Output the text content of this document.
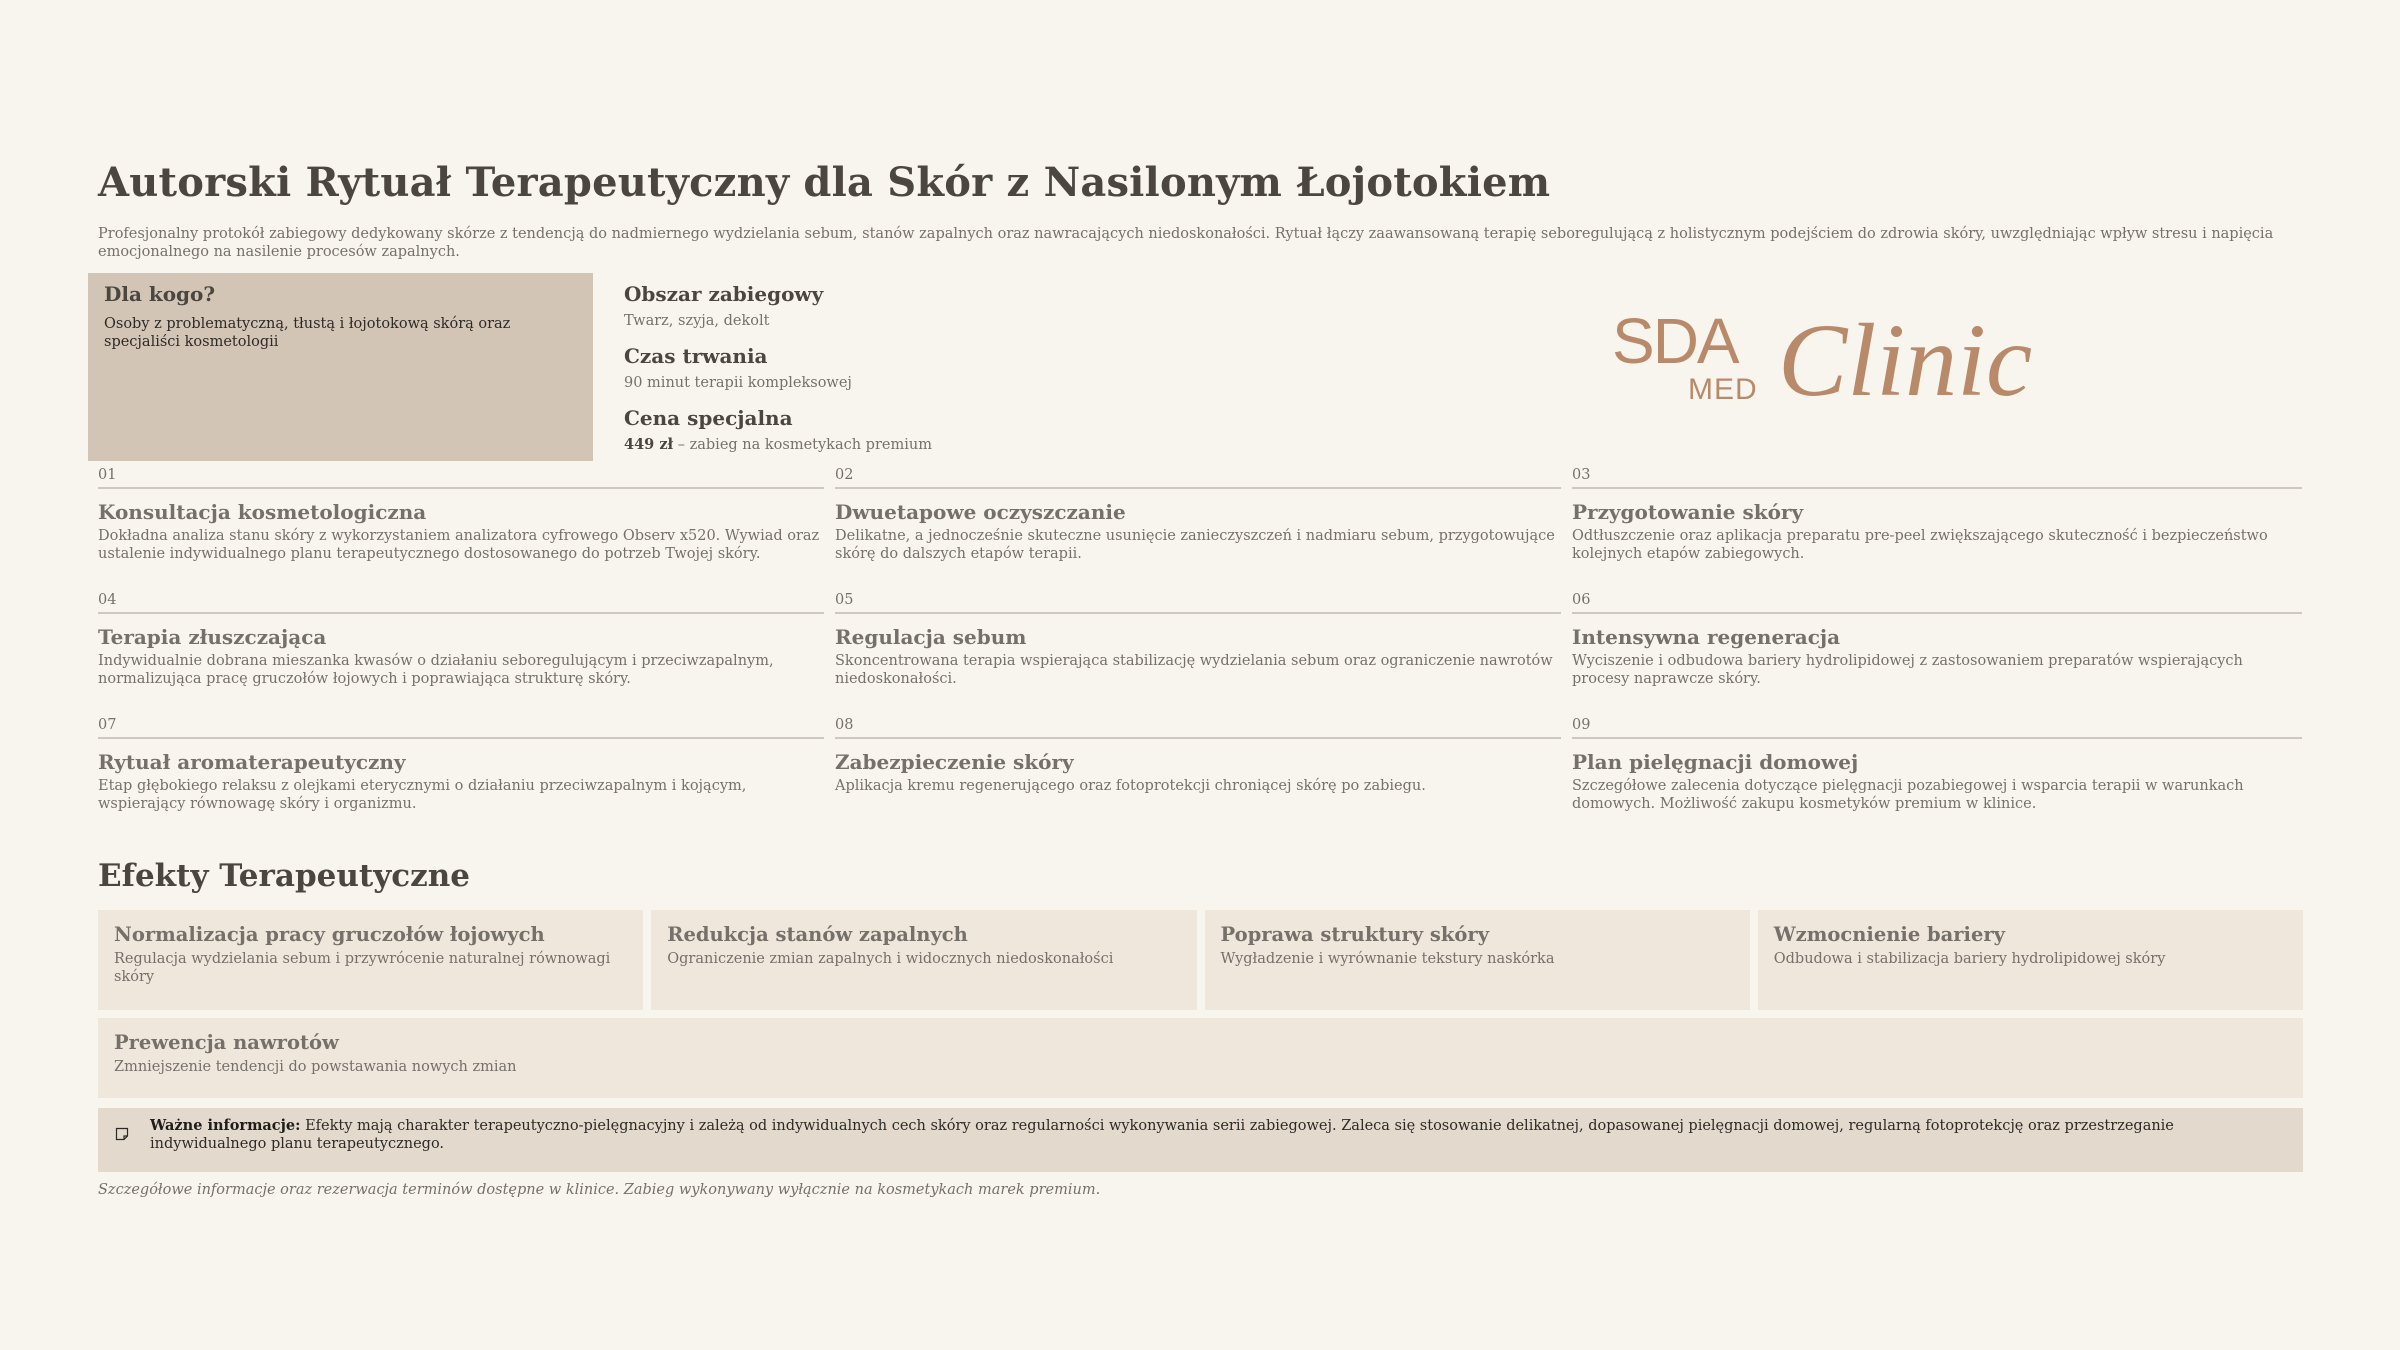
Autorski Rytuał Terapeutyczny dla Skór z Nasilonym Łojotokiem

Profesjonalny protokół zabiegowy dedykowany skórze z tendencją do nadmiernego wydzielania sebum, stanów zapalnych oraz nawracających niedoskonałości. Rytuał łączy zaawansowaną terapię seboregulującą z holistycznym podejściem do zdrowia skóry, uwzględniając wpływ stresu i napięcia emocjonalnego na nasilenie procesów zapalnych.

Dla kogo?

Osoby z problematyczną, tłustą i łojotokową skórą oraz specjaliści kosmetologii

Obszar zabiegowy

Twarz, szyja, dekolt

Czas trwania

90 minut terapii kompleksowej

Cena specjalna

449 zł – zabieg na kosmetykach premium

SDA
MED Clinic
01
Konsultacja kosmetologiczna

Dokładna analiza stanu skóry z wykorzystaniem analizatora cyfrowego Observ x520. Wywiad oraz ustalenie indywidualnego planu terapeutycznego dostosowanego do potrzeb Twojej skóry.

02
Dwuetapowe oczyszczanie

Delikatne, a jednocześnie skuteczne usunięcie zanieczyszczeń i nadmiaru sebum, przygotowujące skórę do dalszych etapów terapii.

03
Przygotowanie skóry

Odtłuszczenie oraz aplikacja preparatu pre-peel zwiększającego skuteczność i bezpieczeństwo kolejnych etapów zabiegowych.

04
Terapia złuszczająca

Indywidualnie dobrana mieszanka kwasów o działaniu seboregulującym i przeciwzapalnym, normalizująca pracę gruczołów łojowych i poprawiająca strukturę skóry.

05
Regulacja sebum

Skoncentrowana terapia wspierająca stabilizację wydzielania sebum oraz ograniczenie nawrotów niedoskonałości.

06
Intensywna regeneracja

Wyciszenie i odbudowa bariery hydrolipidowej z zastosowaniem preparatów wspierających procesy naprawcze skóry.

07
Rytuał aromaterapeutyczny

Etap głębokiego relaksu z olejkami eterycznymi o działaniu przeciwzapalnym i kojącym, wspierający równowagę skóry i organizmu.

08
Zabezpieczenie skóry

Aplikacja kremu regenerującego oraz fotoprotekcji chroniącej skórę po zabiegu.

09
Plan pielęgnacji domowej

Szczegółowe zalecenia dotyczące pielęgnacji pozabiegowej i wsparcia terapii w warunkach domowych. Możliwość zakupu kosmetyków premium w klinice.

Efekty Terapeutyczne
Normalizacja pracy gruczołów łojowych

Regulacja wydzielania sebum i przywrócenie naturalnej równowagi skóry

Redukcja stanów zapalnych

Ograniczenie zmian zapalnych i widocznych niedoskonałości

Poprawa struktury skóry

Wygładzenie i wyrównanie tekstury naskórka

Wzmocnienie bariery

Odbudowa i stabilizacja bariery hydrolipidowej skóry

Prewencja nawrotów

Zmniejszenie tendencji do powstawania nowych zmian

Ważne informacje: Efekty mają charakter terapeutyczno-pielęgnacyjny i zależą od indywidualnych cech skóry oraz regularności wykonywania serii zabiegowej. Zaleca się stosowanie delikatnej, dopasowanej pielęgnacji domowej, regularną fotoprotekcję oraz przestrzeganie indywidualnego planu terapeutycznego.
Szczegółowe informacje oraz rezerwacja terminów dostępne w klinice. Zabieg wykonywany wyłącznie na kosmetykach marek premium.
